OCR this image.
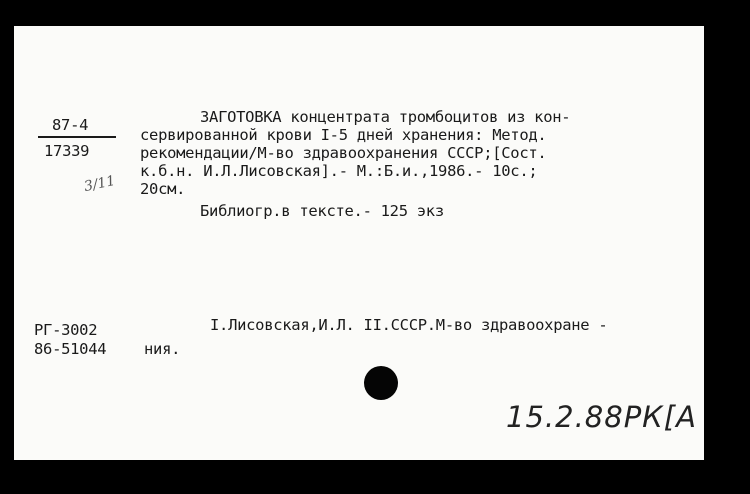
87-4
17339
3/11
ЗАГОТОВКА концентрата тромбоцитов из кон-
сервированной крови I-5 дней хранения: Метод.
рекомендации/М-во здравоохранения СССР;[Сост.
к.б.н. И.Л.Лисовская].- М.:Б.и.,1986.- 10с.;
20см.
Библиогр.в тексте.- 125 экз
РГ-3002
86-51044
I.Лисовская,И.Л. II.СССР.М-во здравоохране -
ния.
15.2.88РК[А
